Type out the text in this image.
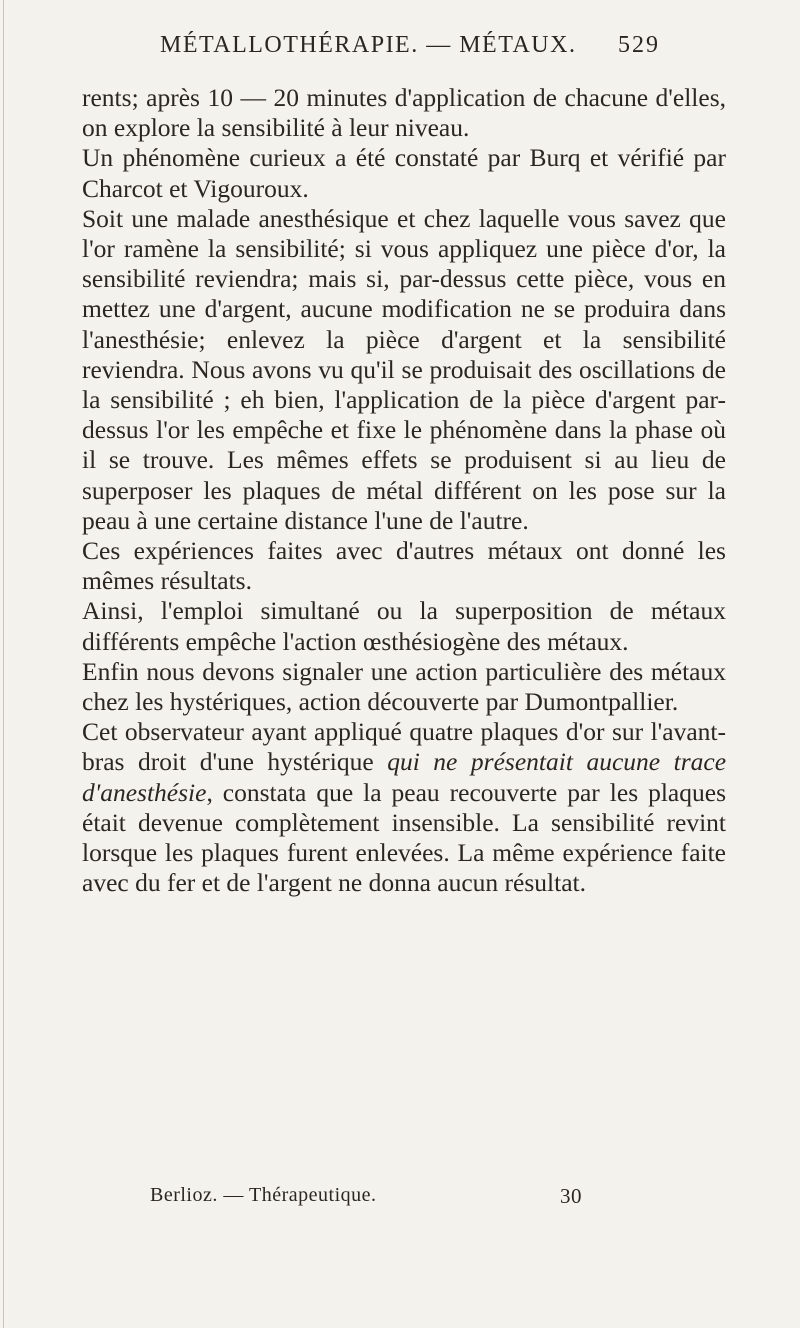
MÉTALLOTHÉRAPIE. — MÉTAUX. 529

rents; après 10 — 20 minutes d'application de chacune d'elles, on explore la sensibilité à leur niveau.

Un phénomène curieux a été constaté par Burq et vérifié par Charcot et Vigouroux.

Soit une malade anesthésique et chez laquelle vous savez que l'or ramène la sensibilité; si vous appliquez une pièce d'or, la sensibilité reviendra; mais si, par-dessus cette pièce, vous en mettez une d'argent, aucune modification ne se produira dans l'anesthésie; enlevez la pièce d'argent et la sensibilité reviendra. Nous avons vu qu'il se produisait des oscillations de la sensibilité ; eh bien, l'application de la pièce d'argent par-dessus l'or les empêche et fixe le phénomène dans la phase où il se trouve. Les mêmes effets se produisent si au lieu de superposer les plaques de métal différent on les pose sur la peau à une certaine distance l'une de l'autre.

Ces expériences faites avec d'autres métaux ont donné les mêmes résultats.

Ainsi, l'emploi simultané ou la superposition de métaux différents empêche l'action œsthésiogène des métaux.

Enfin nous devons signaler une action particulière des métaux chez les hystériques, action découverte par Dumontpallier.

Cet observateur ayant appliqué quatre plaques d'or sur l'avant-bras droit d'une hystérique qui ne présentait aucune trace d'anesthésie, constata que la peau recouverte par les plaques était devenue complètement insensible. La sensibilité revint lorsque les plaques furent enlevées. La même expérience faite avec du fer et de l'argent ne donna aucun résultat.

Berlioz. — Thérapeutique.	30
